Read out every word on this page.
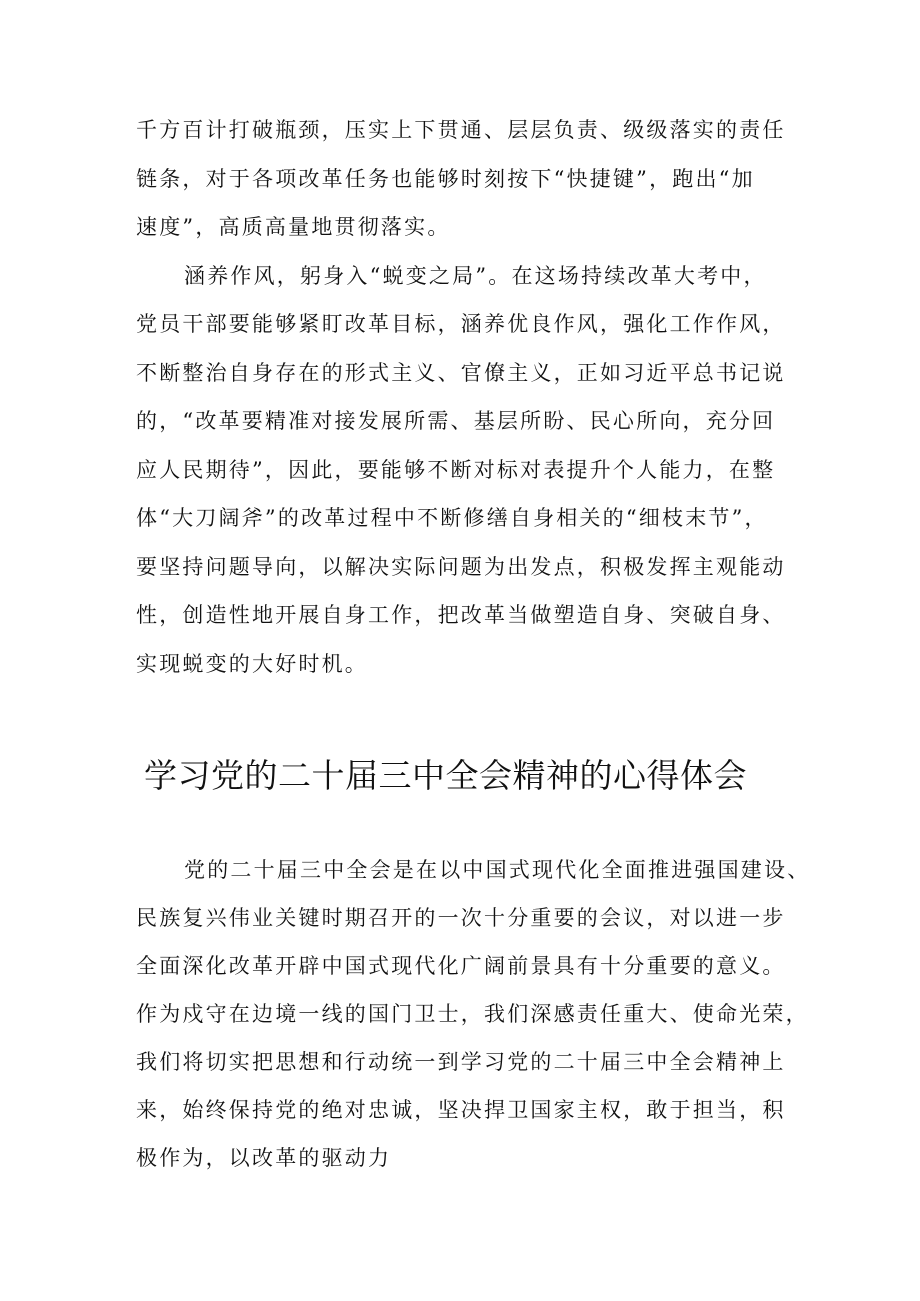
千方百计打破瓶颈，压实上下贯通、层层负责、级级落实的责任

链条，对于各项改革任务也能够时刻按下“快捷键”，跑出“加

速度”，高质高量地贯彻落实。

涵养作风，躬身入“蜕变之局”。在这场持续改革大考中，

党员干部要能够紧盯改革目标，涵养优良作风，强化工作作风，

不断整治自身存在的形式主义、官僚主义，正如习近平总书记说

的，“改革要精准对接发展所需、基层所盼、民心所向，充分回

应人民期待”，因此，要能够不断对标对表提升个人能力，在整

体“大刀阔斧”的改革过程中不断修缮自身相关的“细枝末节”，

要坚持问题导向，以解决实际问题为出发点，积极发挥主观能动

性，创造性地开展自身工作，把改革当做塑造自身、突破自身、

实现蜕变的大好时机。

学习党的二十届三中全会精神的心得体会

党的二十届三中全会是在以中国式现代化全面推进强国建设、

民族复兴伟业关键时期召开的一次十分重要的会议，对以进一步

全面深化改革开辟中国式现代化广阔前景具有十分重要的意义。

作为戍守在边境一线的国门卫士，我们深感责任重大、使命光荣，

我们将切实把思想和行动统一到学习党的二十届三中全会精神上

来，始终保持党的绝对忠诚，坚决捍卫国家主权，敢于担当，积

极作为，以改革的驱动力
